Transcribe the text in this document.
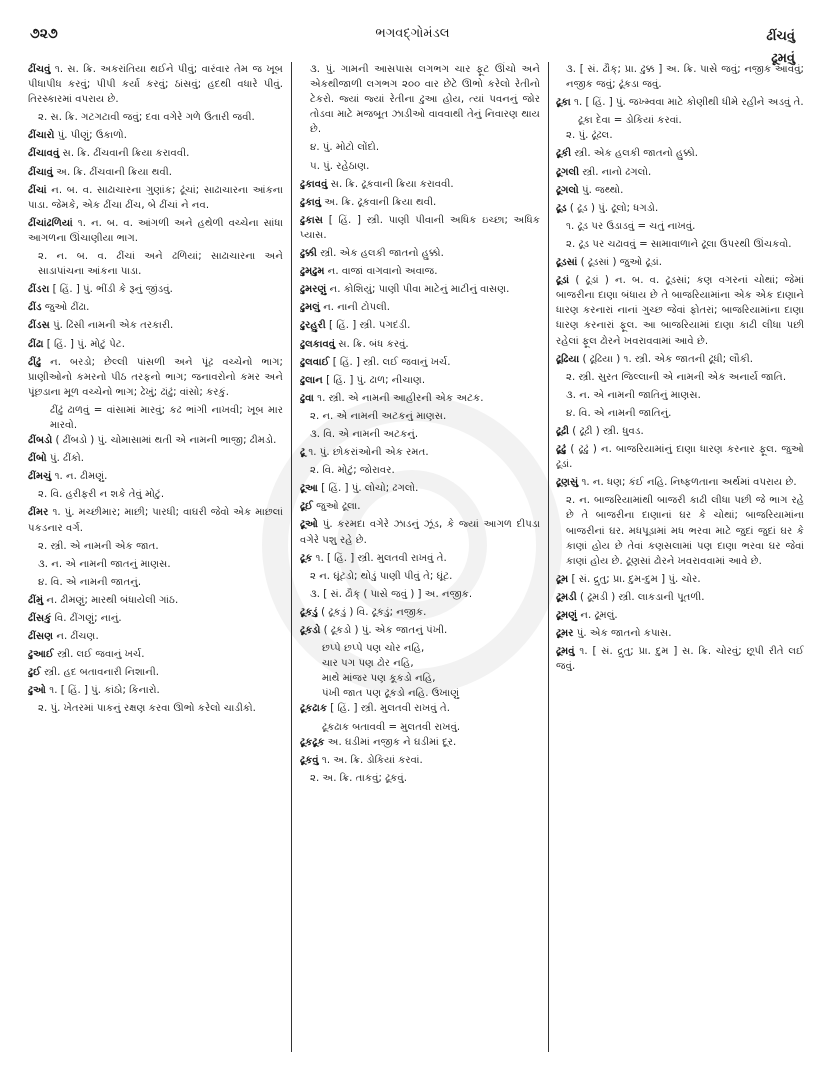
૭૨૭	ભગવદ્ગોમંડલ	ઢીંચવું
ઢૂમવું
ઢીંચવું ૧. સ. ક્રિ. અકરાંતિયા થઈને પીવું; વારંવાર તેમ જ ખૂબ પીધાપીધ કરવું; પીપી કર્યા કરવું; ઠાંસવું; હદથી વધારે પીવું. તિરસ્કારમાં વપરાય છે.
૨. સ. ક્રિ. ગટગટાવી જવું; દવા વગેરે ગળે ઉતારી જવી.
ઢીંચારો પું. પીણું; ઉકાળો.
ઢીંચાવવું સ. ક્રિ. ઢીંચવાની ક્રિયા કરાવવી.
ઢીંચાવું અ. ક્રિ. ઢીંચવાની ક્રિયા થવી.
ઢીંચાં ન. બ. વ. સાઢાચારના ગુણાંક; ઢૂંચાં; સાઢાચારના આંકના પાડા. જેમકે, એક ઢીંચા ઢીંચ, બે ઢીંચાં ને નવ.
ઢીંચાંઢળિયાં ૧. ન. બ. વ. આંગળી અને હથેળી વચ્ચેના સાંધા આગળના ઊંચાણીયા ભાગ.
૨. ન. બ. વ. ઢીંચાં અને ઢળિયાં; સાઢાચારના અને સાડાપાંચના આંકના પાડા.
ઢીંડરા [ હિં. ] પું. ભીંડી કે રૂનું જીંડવું.
ઢીંડ જુઓ ઢીંઢા.
ઢીંડસ પું. ઢિંસી નામની એક તરકારી.
ઢીંઢા [ હિં. ] પું. મોટું પેટ.
ઢીંઢું ન. બરડો; છેલ્લી પાંસળી અને પૂંઢ વચ્ચેનો ભાગ; પ્રાણીઓનો કમરનો પીઠ તરફનો ભાગ; જનાવરોનો કમર અને પૂંછડાના મૂળ વચ્ચેનો ભાગ; ઢેખું; ઢાંઢું; વાંસો; કરકું.
ઢીંઢું ઢાળવું = વાંસામાં મારવું; કઢ ભાંગી નાખવી; ખૂબ માર મારવો.
ઢીંબડો ( ઢીંબડો ) પું. ચોમાસામાં થતી એ નામની ભાજી; ઢીમડો.
ઢીંબો પું. ઢીંકો.
ઢીંમચું ૧. ન. ઢીમણું.
૨. વિ. હરીફરી ન શકે તેવું મોટું.
ઢીંમર ૧. પું. મચ્છીમાર; માછી; પારધી; વાઘરી જેવો એક માછલાં પકડનાર વર્ગ.
૨. સ્ત્રી. એ નામની એક જાત.
૩. ન. એ નામની જાતનું માણસ.
૪. વિ. એ નામની જાતનું.
ઢીંમું ન. ઢીમણું; મારથી બંધાયેલી ગાંઠ.
ઢીંસકું વિ. ઢીંગણું; નાનું.
ઢીંસણ ન. ઢીંચણ.
ઢુઆઈ સ્ત્રી. લઈ જવાનું ખર્ચ.
ઢુઈ સ્ત્રી. હદ બતાવનારી નિશાની.
ઢુઓ ૧. [ હિં. ] પું. કાંઠો; કિનારો.
૨. પું. ખેતરમાં પાકનું રક્ષણ કરવા ઊભો કરેલો ચાડીકો.
૩. પું. ગામની આસપાસ લગભગ ચાર ફૂટ ઊંચો અને એકથીજાળી લગભગ ૨૦૦ વાર છેટે ઊભો કરેલો રેતીનો ટેકરો. જ્યાં જ્યાં રેતીના ઢુઆ હોય, ત્યાં પવનનું જોર તોડવા માટે મજબૂત ઝાડીઓ વાવવાથી તેનું નિવારણ થાય છે.
૪. પું. મોટો લોંદો.
૫. પું. રહેઠાણ.
ઢુકાવવું સ. ક્રિ. ઢૂકવાની ક્રિયા કરાવવી.
ઢુકાવું અ. ક્રિ. ઢૂકવાની ક્રિયા થવી.
ઢુકાસ [ હિં. ] સ્ત્રી. પાણી પીવાની અધિક ઇચ્છા; અધિક પ્યાસ.
ઢુક્કી સ્ત્રી. એક હલકી જાતનો હુક્કો.
ઢુમઢુમ ન. વાજાં વાગવાનો અવાજ.
ઢુમરણું ન. કોશિયું; પાણી પીવા માટેનું માટીનું વાસણ.
ઢુમલું ન. નાની ટોપલી.
ઢુરહુરી [ હિં. ] સ્ત્રી. પગદંડી.
ઢુલકાવવું સ. ક્રિ. બંધ કરવું.
ઢુલવાઈ [ હિં. ] સ્ત્રી. લઈ જવાનું ખર્ચ.
ઢુલાન [ હિં. ] પું. ઢાળ; નીચાણ.
ઢુવા ૧. સ્ત્રી. એ નામની આહીરની એક અટક.
૨. ન. એ નામની અટકનું માણસ.
૩. વિ. એ નામની અટકનું.
ઢૂ ૧. પું. છોકરાંઓની એક રમત.
૨. વિ. મોટું; જોરાવર.
ઢૂઆ [ હિં. ] પું. લોચો; ઢગલો.
ઢૂઈ જુઓ ઢૂલા.
ઢૂઓ પું. કરમદા વગેરે ઝાડનું ઝૂંડ, કે જ્યાં આગળ દીપડા વગેરે પશુ રહે છે.
ઢૂક ૧. [ હિં. ] સ્ત્રી. મુલતવી રાખવું તે.
૨ ન. ઘૂંટડો; થોડું પાણી પીવું તે; ઘૂંટ.
૩. [ સં. ઢૌક્ ( પાસે જવું ) ] અ. નજીક.
ઢૂકડું ( ઢૂકડું ) વિ. ઢૂકડું; નજીક.
ઢૂકડો ( ઢૂકડો ) પું. એક જાતનું પંખી.
છપ્પે છપ્પે પણ ચોર નહિ,
ચાર પગ પણ ઢોર નહિ,
માથે માંજર પણ કૂકડો નહિ,
પંખી જાત પણ ઢૂકડો નહિ. ઉખાણું
ઢૂકઢાક [ હિં. ] સ્ત્રી. મુલતવી રાખવું તે.
ઢૂકઢાક બતાવવી = મુલતવી રાખવું.
ઢૂકઢૂક અ. ઘડીમાં નજીક ને ઘડીમાં દૂર.
ઢૂકવું ૧. અ. ક્રિ. ડોકિયાં કરવાં.
૨. અ. ક્રિ. તાકવું; ઢૂકવું.
૩. [ સં. ઢૌક્; પ્રા. ઢુક્ક ] અ. ક્રિ. પાસે જવું; નજીક આવવું; નજીક જવું; ઢૂંકડા જવું.
ઢૂકા ૧. [ હિં. ] પું. જખ્મ્વવા માટે કોણીથી ધીમે રહીને અડવું તે.
ઢૂકા દેવા = ડોકિયાં કરવાં.
૨. પું. ઢૂંઢલ.
ઢૂકી સ્ત્રી. એક હલકી જાતનો હુક્કો.
ઢૂગલી સ્ત્રી. નાનો ઢગલો.
ઢૂગલો પું. જથ્થો.
ઢૂડ ( ઢૂડ ) પું. ઢૂલો; ધગડો.
૧. ઢૂડ પર ઉડાડવું = ચતું નાખવું.
૨. ઢૂડ પર ચઢાવવું = સામાવાળાને ઢૂલા ઉપરથી ઊંચકવો.
ઢૂડસાં ( ઢૂડસાં ) જુઓ ઢૂડાં.
ઢૂડાં ( ઢૂડાં ) ન. બ. વ. ઢૂડસાં; કણ વગરનાં ચોથાં; જેમાં બાજરીના દાણા બંધાય છે તે બાજરિયામાંના એક એક દાણાને ધારણ કરનારાં નાનાં ગુચ્છ જેવાં ફોતરાં; બાજરિયામાંના દાણા ધારણ કરનારાં ફૂલ. આ બાજરિયામાં દાણા કાઢી લીધા પછી રહેલાં ફૂલ ઢોરને ખવરાવવામાં આવે છે.
ઢૂઢિયા ( ઢૂઢિયા ) ૧. સ્ત્રી. એક જાતની ઢૂધી; લૌકી.
૨. સ્ત્રી. સુરત જિલ્લાની એ નામની એક અનાર્ય જાતિ.
૩. ન. એ નામની જાતિનું માણસ.
૪. વિ. એ નામની જાતિનું.
ઢૂઢી ( ઢૂઢી ) સ્ત્રી. ધુવડ.
ઢૂઢું ( ઢૂઢું ) ન. બાજરિયામાંનું દાણા ધારણ કરનાર ફૂલ. જુઓ ઢૂડાં.
ઢૂણસું ૧. ન. ધણ; કંઈ નહિ. નિષ્ફળતાના અર્થમાં વપરાય છે.
૨. ન. બાજરિયામાંથી બાજરી કાઢી લીધા પછી જે ભાગ રહે છે તે બાજરીના દાણાનાં ઘર કે ચોથાં; બાજરિયામાંના બાજરીનાં ઘર. મધપૂડામાં મધ ભરવા માટે જુદાં જુદાં ઘર કે કાણાં હોય છે તેવાં કણસલામાં પણ દાણા ભરવા ઘર જેવાં કાણાં હોય છે. ઢૂણસાં ઢોરને ખવરાવવામાં આવે છે.
ઢૂમ [ સં. દ્રુતુ; પ્રા. દુમ-દુમ ] પું. ચોર.
ઢૂમડી ( ઢૂમડી ) સ્ત્રી. લાકડાની પૂતળી.
ઢૂમણું ન. ઢૂમલું.
ઢૂમર પું. એક જાતનો કપાસ.
ઢૂમવું ૧. [ સં. દ્રુતુ; પ્રા. દુમ ] સ. ક્રિ. ચોરવું; છૂપી રીતે લઈ જવું.
